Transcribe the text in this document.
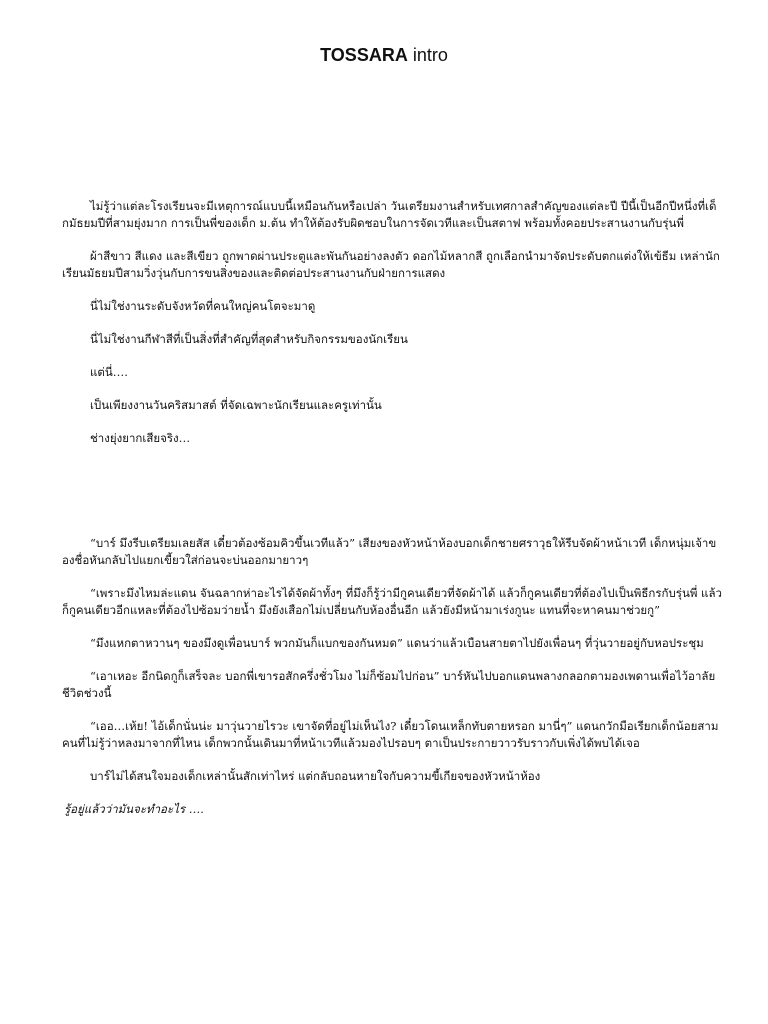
TOSSARA intro

ไม่รู้ว่าแต่ละโรงเรียนจะมีเหตุการณ์แบบนี้เหมือนกันหรือเปล่า วันเตรียมงานสำหรับเทศกาลสำคัญของแต่ละปี ปีนี้เป็นอีกปีหนึ่งที่เด็กมัธยมปีที่สามยุ่งมาก การเป็นพี่ของเด็ก ม.ต้น ทำให้ต้องรับผิดชอบในการจัดเวทีและเป็นสตาฟ พร้อมทั้งคอยประสานงานกับรุ่นพี่

ผ้าสีขาว สีแดง และสีเขียว ถูกพาดผ่านประตูและพันกันอย่างลงตัว ดอกไม้หลากสี ถูกเลือกนำมาจัดประดับตกแต่งให้เข้ธีม เหล่านักเรียนมัธยมปีสามวิ่งวุ่นกับการขนสิ่งของและติดต่อประสานงานกับฝ่ายการแสดง

นี่ไม่ใช่งานระดับจังหวัดที่คนใหญ่คนโตจะมาดู

นี่ไม่ใช่งานกีฬาสีที่เป็นสิ่งที่สำคัญที่สุดสำหรับกิจกรรมของนักเรียน

แต่นี่….

เป็นเพียงงานวันคริสมาสต์ ที่จัดเฉพาะนักเรียนและครูเท่านั้น

ช่างยุ่งยากเสียจริง…

“บาร์ มึงรีบเตรียมเลยสัส เดี๋ยวต้องซ้อมคิวขึ้นเวทีแล้ว” เสียงของหัวหน้าห้องบอกเด็กชายศราวุธให้รีบจัดผ้าหน้าเวที เด็กหนุ่มเจ้าของชื่อหันกลับไปแยกเขี้ยวใส่ก่อนจะบ่นออกมายาวๆ

“เพราะมึงไหมล่ะแดน จันฉลากห่าอะไรได้จัดผ้าทั้งๆ ที่มึงก็รู้ว่ามีกูคนเดียวที่จัดผ้าได้ แล้วก็กูคนเดียวที่ต้องไปเป็นพิธีกรกับรุ่นพี่ แล้วก็กูคนเดียวอีกแหละที่ต้องไปซ้อมว่ายน้ำ มึงยังเสือกไม่เปลี่ยนกับห้องอื่นอีก แล้วยังมีหน้ามาเร่งกูนะ แทนที่จะหาคนมาช่วยกู”

“มึงแหกตาหวานๆ ของมึงดูเพื่อนบาร์ พวกมันก็แบกของกันหมด” แดนว่าแล้วเบือนสายตาไปยังเพื่อนๆ ที่วุ่นวายอยู่กับหอประชุม

“เอาเหอะ อีกนิดกูก็เสร็จละ บอกพี่เขารอสักครึ่งชั่วโมง ไม่ก็ซ้อมไปก่อน” บาร์หันไปบอกแดนพลางกลอกตามองเพดานเพื่อไว้อาลัยชีวิตช่วงนี้

“เออ…เห้ย! ไอ้เด็กนั่นน่ะ มาวุ่นวายไรวะ เขาจัดที่อยู่ไม่เห็นไง? เดี๋ยวโดนเหล็กทับตายหรอก มานี่ๆ” แดนกวักมือเรียกเด็กน้อยสามคนที่ไม่รู้ว่าหลงมาจากที่ไหน เด็กพวกนั้นเดินมาที่หน้าเวทีแล้วมองไปรอบๆ ตาเป็นประกายวาวรับราวกับเพิ่งได้พบได้เจอ

บาร์ไม่ได้สนใจมองเด็กเหล่านั้นสักเท่าไหร่ แต่กลับถอนหายใจกับความขี้เกียจของหัวหน้าห้อง

รู้อยู่แล้วว่ามันจะทำอะไร ….
